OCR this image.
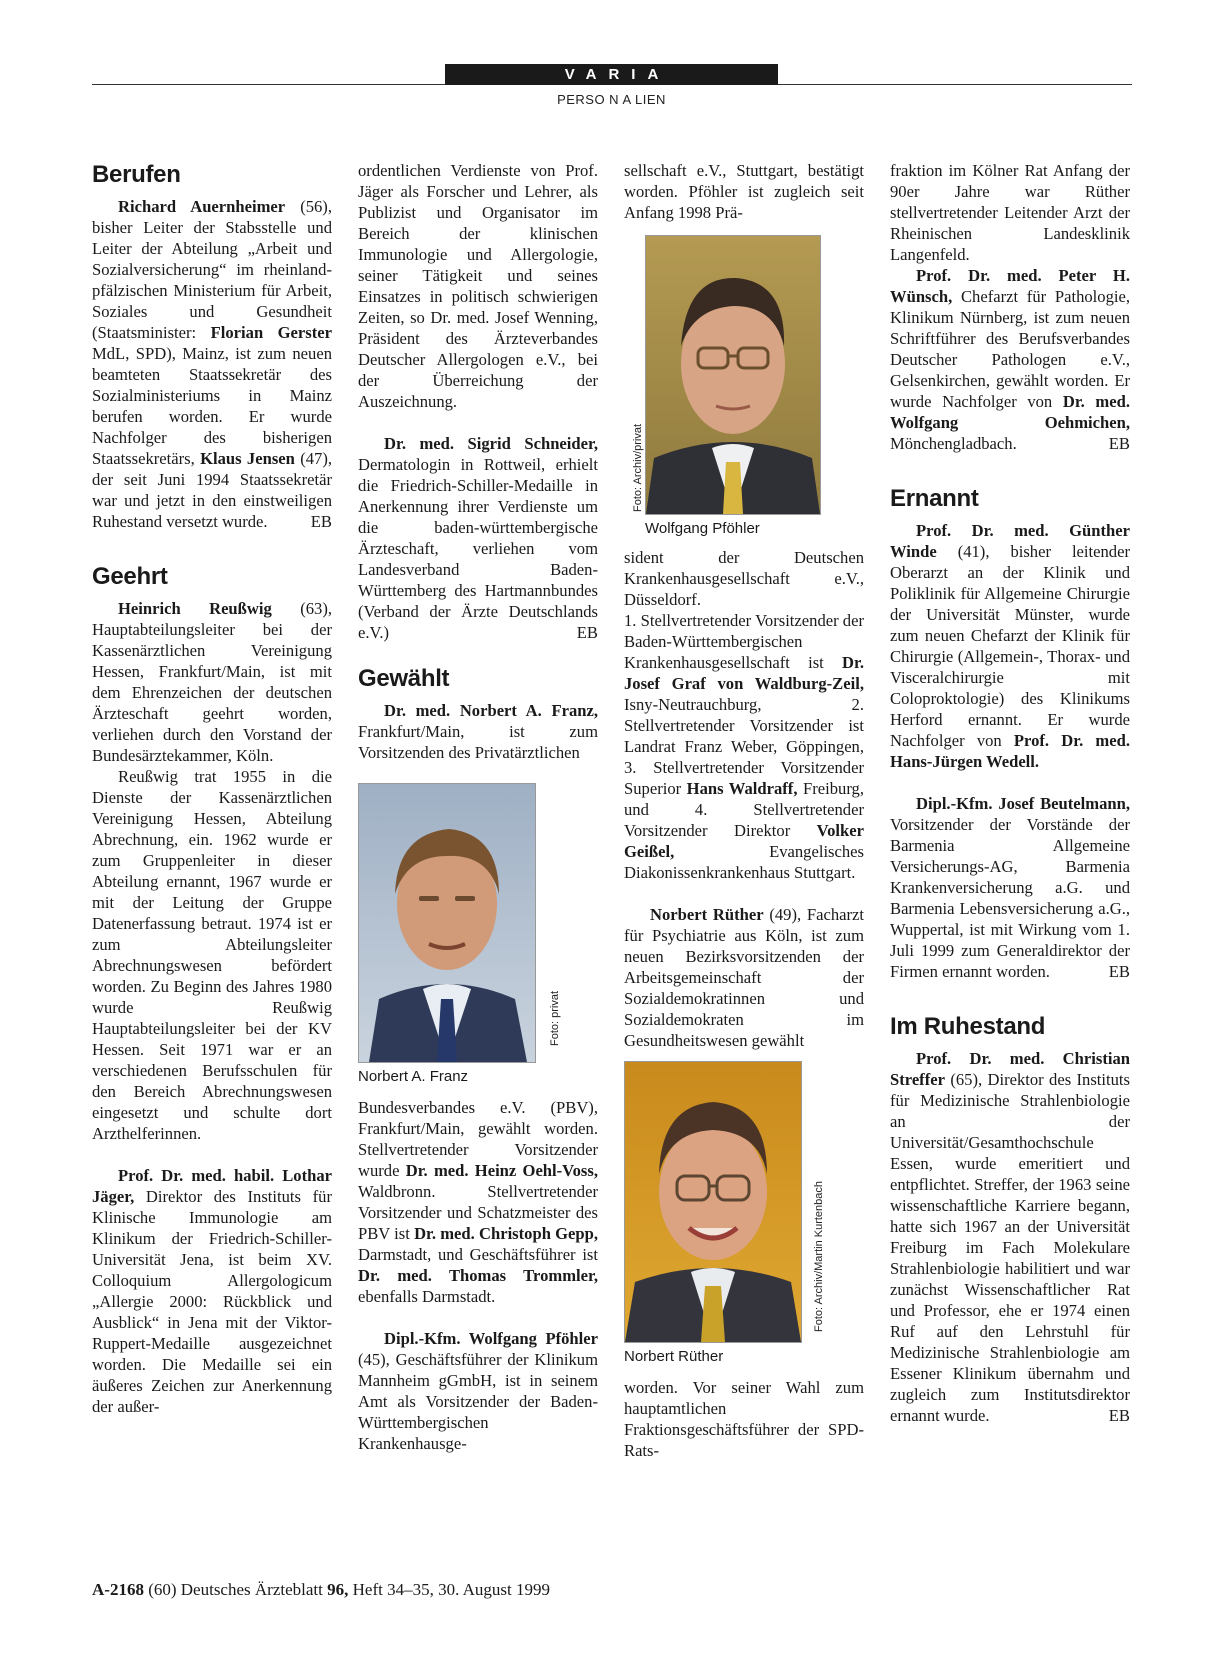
VARIA
PERSO N A LIEN
Berufen

Richard Auernheimer (56), bisher Leiter der Stabsstelle und Leiter der Abteilung „Arbeit und Sozialversicherung“ im rheinland-pfälzischen Ministerium für Arbeit, Soziales und Gesundheit (Staatsminister: Florian Gerster MdL, SPD), Mainz, ist zum neuen beamteten Staatssekretär des Sozialministeriums in Mainz berufen worden. Er wurde Nachfolger des bisherigen Staatssekretärs, Klaus Jensen (47), der seit Juni 1994 Staatssekretär war und jetzt in den einstweiligen Ruhestand versetzt wurde.	EB

Geehrt

Heinrich Reußwig (63), Hauptabteilungsleiter bei der Kassenärztlichen Vereinigung Hessen, Frankfurt/Main, ist mit dem Ehrenzeichen der deutschen Ärzteschaft geehrt worden, verliehen durch den Vorstand der Bundesärztekammer, Köln.

Reußwig trat 1955 in die Dienste der Kassenärztlichen Vereinigung Hessen, Abteilung Abrechnung, ein. 1962 wurde er zum Gruppenleiter in dieser Abteilung ernannt, 1967 wurde er mit der Leitung der Gruppe Datenerfassung betraut. 1974 ist er zum Abteilungsleiter Abrechnungswesen befördert worden. Zu Beginn des Jahres 1980 wurde Reußwig Hauptabteilungsleiter bei der KV Hessen. Seit 1971 war er an verschiedenen Berufsschulen für den Bereich Abrechnungswesen eingesetzt und schulte dort Arzthelferinnen.

Prof. Dr. med. habil. Lothar Jäger, Direktor des Instituts für Klinische Immunologie am Klinikum der Friedrich-Schiller-Universität Jena, ist beim XV. Colloquium Allergologicum „Allergie 2000: Rückblick und Ausblick“ in Jena mit der Viktor-Ruppert-Medaille ausgezeichnet worden. Die Medaille sei ein äußeres Zeichen zur Anerkennung der außer-

ordentlichen Verdienste von Prof. Jäger als Forscher und Lehrer, als Publizist und Organisator im Bereich der klinischen Immunologie und Allergologie, seiner Tätigkeit und seines Einsatzes in politisch schwierigen Zeiten, so Dr. med. Josef Wenning, Präsident des Ärzteverbandes Deutscher Allergologen e.V., bei der Überreichung der Auszeichnung.

Dr. med. Sigrid Schneider, Dermatologin in Rottweil, erhielt die Friedrich-Schiller-Medaille in Anerkennung ihrer Verdienste um die baden-württembergische Ärzteschaft, verliehen vom Landesverband Baden-Württemberg des Hartmannbundes (Verband der Ärzte Deutschlands e.V.)	EB

Gewählt

Dr. med. Norbert A. Franz, Frankfurt/Main, ist zum Vorsitzenden des Privatärztlichen

Foto: privat
Norbert A. Franz

Bundesverbandes e.V. (PBV), Frankfurt/Main, gewählt worden. Stellvertretender Vorsitzender wurde Dr. med. Heinz Oehl-Voss, Waldbronn. Stellvertretender Vorsitzender und Schatzmeister des PBV ist Dr. med. Christoph Gepp, Darmstadt, und Geschäftsführer ist Dr. med. Thomas Trommler, ebenfalls Darmstadt.

Dipl.-Kfm. Wolfgang Pföhler (45), Geschäftsführer der Klinikum Mannheim gGmbH, ist in seinem Amt als Vorsitzender der Baden-Württembergischen Krankenhausge-

sellschaft e.V., Stuttgart, bestätigt worden. Pföhler ist zugleich seit Anfang 1998 Prä-

Foto: Archiv/privat
Wolfgang Pföhler

sident der Deutschen Krankenhausgesellschaft e.V., Düsseldorf.

1. Stellvertretender Vorsitzender der Baden-Württembergischen Krankenhausgesellschaft ist Dr. Josef Graf von Waldburg-Zeil, Isny-Neutrauchburg, 2. Stellvertretender Vorsitzender ist Landrat Franz Weber, Göppingen, 3. Stellvertretender Vorsitzender Superior Hans Waldraff, Freiburg, und 4. Stellvertretender Vorsitzender Direktor Volker Geißel, Evangelisches Diakonissenkrankenhaus Stuttgart.

Norbert Rüther (49), Facharzt für Psychiatrie aus Köln, ist zum neuen Bezirksvorsitzenden der Arbeitsgemeinschaft der Sozialdemokratinnen und Sozialdemokraten im Gesundheitswesen gewählt

Foto: Archiv/Martin Kurtenbach
Norbert Rüther

worden. Vor seiner Wahl zum hauptamtlichen Fraktionsgeschäftsführer der SPD-Rats-

fraktion im Kölner Rat Anfang der 90er Jahre war Rüther stellvertretender Leitender Arzt der Rheinischen Landesklinik Langenfeld.

Prof. Dr. med. Peter H. Wünsch, Chefarzt für Pathologie, Klinikum Nürnberg, ist zum neuen Schriftführer des Berufsverbandes Deutscher Pathologen e.V., Gelsenkirchen, gewählt worden. Er wurde Nachfolger von Dr. med. Wolfgang Oehmichen, Mönchengladbach.	EB

Ernannt

Prof. Dr. med. Günther Winde (41), bisher leitender Oberarzt an der Klinik und Poliklinik für Allgemeine Chirurgie der Universität Münster, wurde zum neuen Chefarzt der Klinik für Chirurgie (Allgemein-, Thorax- und Visceralchirurgie mit Coloproktologie) des Klinikums Herford ernannt. Er wurde Nachfolger von Prof. Dr. med. Hans-Jürgen Wedell.

Dipl.-Kfm. Josef Beutelmann, Vorsitzender der Vorstände der Barmenia Allgemeine Versicherungs-AG, Barmenia Krankenversicherung a.G. und Barmenia Lebensversicherung a.G., Wuppertal, ist mit Wirkung vom 1. Juli 1999 zum Generaldirektor der Firmen ernannt worden.	EB

Im Ruhestand

Prof. Dr. med. Christian Streffer (65), Direktor des Instituts für Medizinische Strahlenbiologie an der Universität/Gesamthochschule Essen, wurde emeritiert und entpflichtet. Streffer, der 1963 seine wissenschaftliche Karriere begann, hatte sich 1967 an der Universität Freiburg im Fach Molekulare Strahlenbiologie habilitiert und war zunächst Wissenschaftlicher Rat und Professor, ehe er 1974 einen Ruf auf den Lehrstuhl für Medizinische Strahlenbiologie am Essener Klinikum übernahm und zugleich zum Institutsdirektor ernannt wurde.	EB

A-2168 (60) Deutsches Ärzteblatt 96, Heft 34–35, 30. August 1999
